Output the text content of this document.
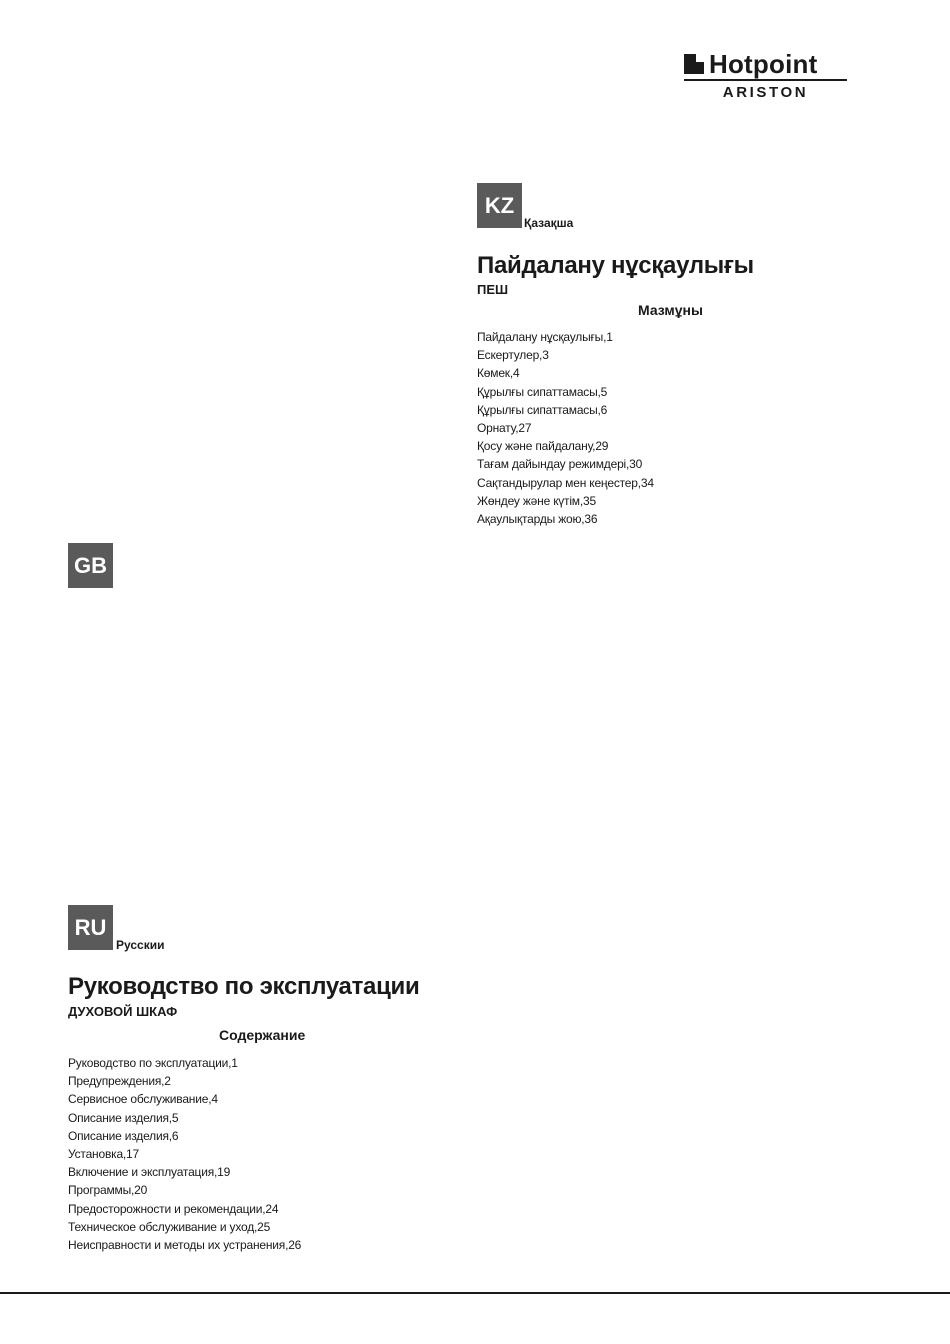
Hotpoint
ARISTON
KZ
Қазақша
Пайдалану нұсқаулығы
ПЕШ
Мазмұны
Пайдалану нұсқаулығы,1
Ескертулер,3
Көмек,4
Құрылғы сипаттамасы,5
Құрылғы сипаттамасы,6
Орнату,27
Қосу және пайдалану,29
Тағам дайындау режимдері,30
Сақтандырулар мен кеңестер,34
Жөндеу және күтім,35
Ақаулықтарды жою,36
GB
RU
Русскии
Руководство по эксплуатации
ДУХОВОЙ ШКАФ
Содержание
Руководство по эксплуатации,1
Предупреждения,2
Сервисное обслуживание,4
Описание изделия,5
Описание изделия,6
Установка,17
Включение и эксплуатация,19
Программы,20
Предосторожности и рекомендации,24
Техническое обслуживание и уход,25
Неисправности и методы их устранения,26
